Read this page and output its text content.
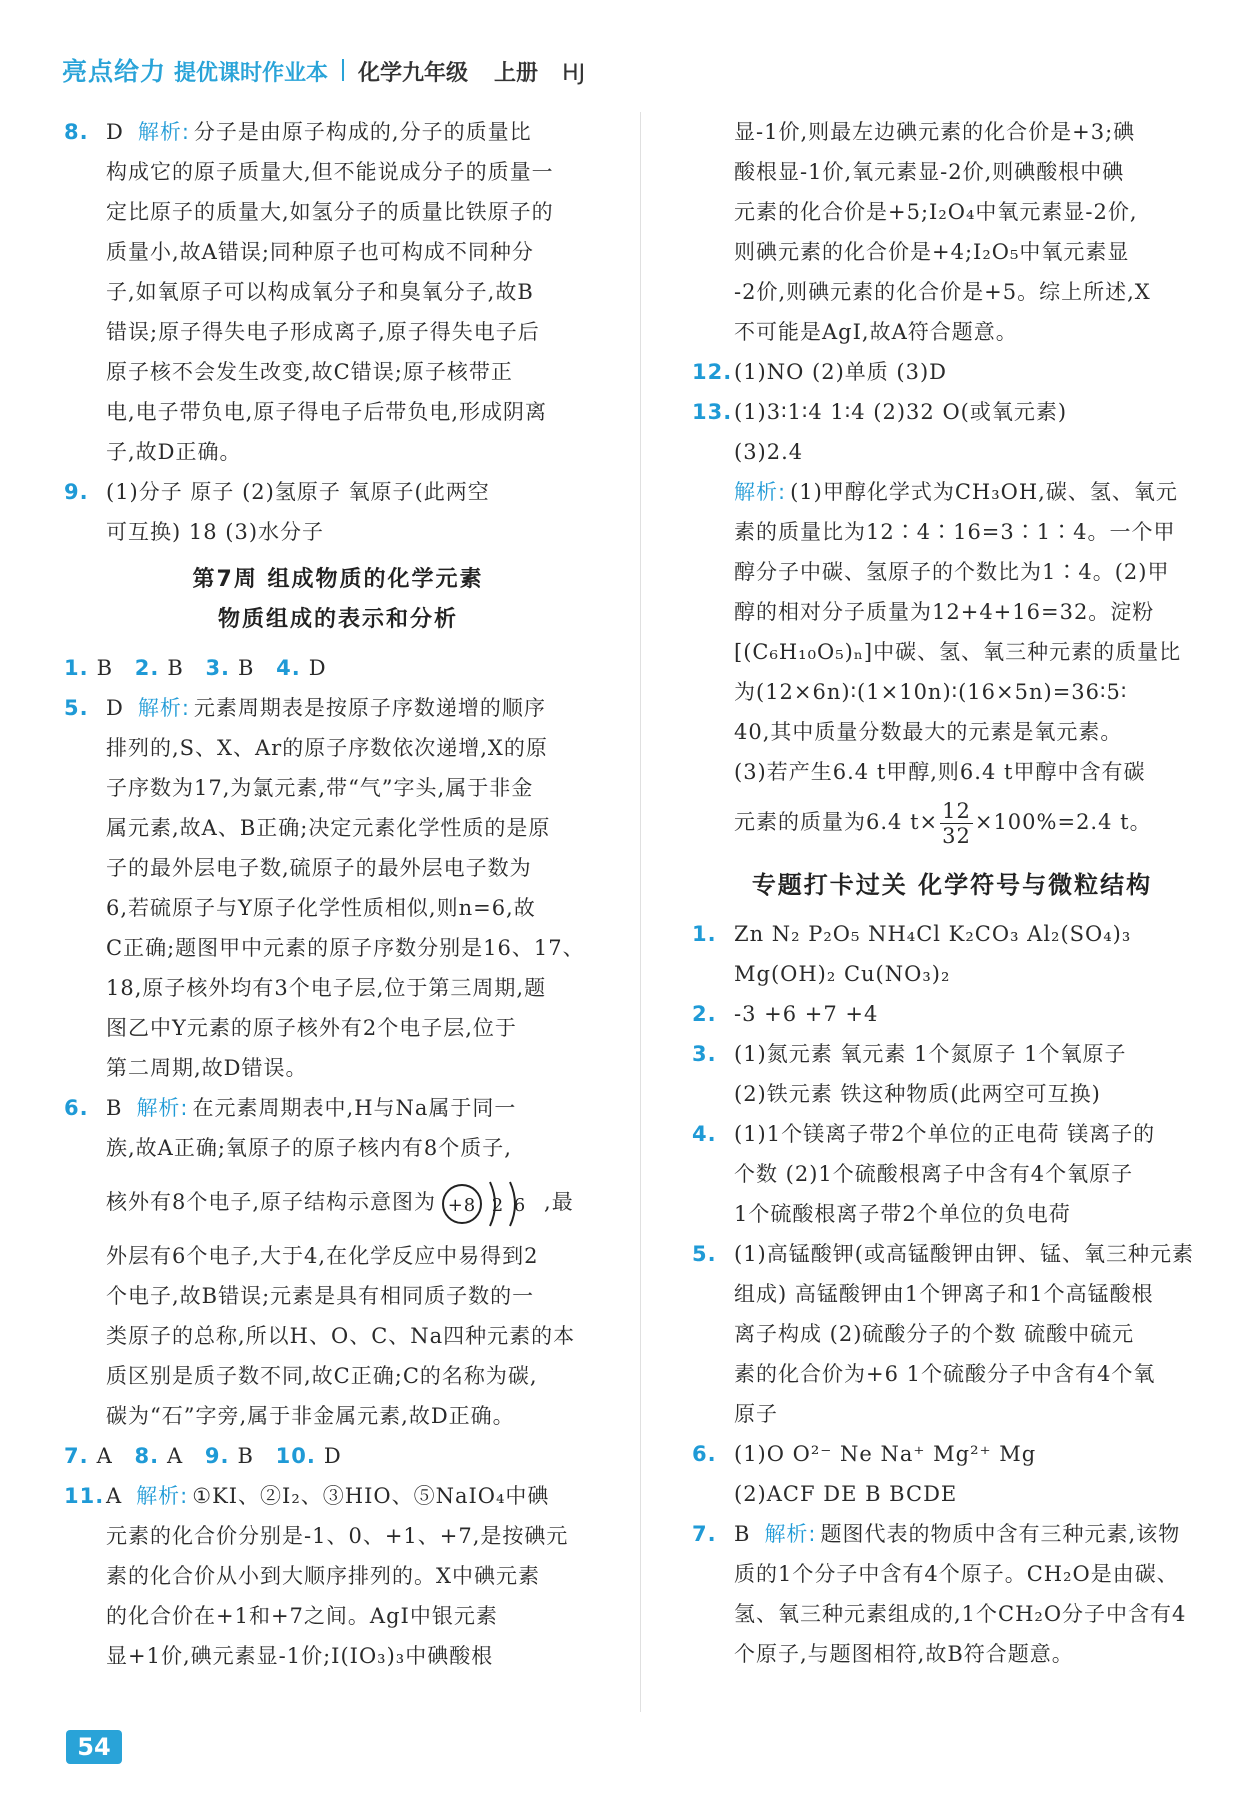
亮点给力 提优课时作业本 化学九年级 上册 HJ
8. D 解析: 分子是由原子构成的,分子的质量比
构成它的原子质量大,但不能说成分子的质量一
定比原子的质量大,如氢分子的质量比铁原子的
质量小,故A错误;同种原子也可构成不同种分
子,如氧原子可以构成氧分子和臭氧分子,故B
错误;原子得失电子形成离子,原子得失电子后
原子核不会发生改变,故C错误;原子核带正
电,电子带负电,原子得电子后带负电,形成阴离
子,故D正确。
9. (1)分子 原子 (2)氢原子 氧原子(此两空
可互换) 18 (3)水分子
第7周 组成物质的化学元素
物质组成的表示和分析
1. B 2. B 3. B 4. D
5. D 解析: 元素周期表是按原子序数递增的顺序
排列的,S、X、Ar的原子序数依次递增,X的原
子序数为17,为氯元素,带“气”字头,属于非金
属元素,故A、B正确;决定元素化学性质的是原
子的最外层电子数,硫原子的最外层电子数为
6,若硫原子与Y原子化学性质相似,则n=6,故
C正确;题图甲中元素的原子序数分别是16、17、
18,原子核外均有3个电子层,位于第三周期,题
图乙中Y元素的原子核外有2个电子层,位于
第二周期,故D错误。
6. B 解析: 在元素周期表中,H与Na属于同一
族,故A正确;氧原子的原子核内有8个质子,
核外有8个电子,原子结构示意图为 +8 2 6 ,最
外层有6个电子,大于4,在化学反应中易得到2
个电子,故B错误;元素是具有相同质子数的一
类原子的总称,所以H、O、C、Na四种元素的本
质区别是质子数不同,故C正确;C的名称为碳,
碳为“石”字旁,属于非金属元素,故D正确。
7. A 8. A 9. B 10. D
11. A 解析: ①KI、②I₂、③HIO、⑤NaIO₄中碘
元素的化合价分别是-1、0、+1、+7,是按碘元
素的化合价从小到大顺序排列的。X中碘元素
的化合价在+1和+7之间。AgI中银元素
显+1价,碘元素显-1价;I(IO₃)₃中碘酸根
显-1价,则最左边碘元素的化合价是+3;碘
酸根显-1价,氧元素显-2价,则碘酸根中碘
元素的化合价是+5;I₂O₄中氧元素显-2价,
则碘元素的化合价是+4;I₂O₅中氧元素显
-2价,则碘元素的化合价是+5。综上所述,X
不可能是AgI,故A符合题意。
12. (1)NO (2)单质 (3)D
13. (1)3∶1∶4 1∶4 (2)32 O(或氧元素)
(3)2.4
解析: (1)甲醇化学式为CH₃OH,碳、氢、氧元
素的质量比为12∶4∶16=3∶1∶4。一个甲
醇分子中碳、氢原子的个数比为1∶4。(2)甲
醇的相对分子质量为12+4+16=32。淀粉
[(C₆H₁₀O₅)ₙ]中碳、氢、氧三种元素的质量比
为(12×6n)∶(1×10n)∶(16×5n)=36∶5∶
40,其中质量分数最大的元素是氧元素。
(3)若产生6.4 t甲醇,则6.4 t甲醇中含有碳
元素的质量为6.4 $t\times \frac{12}{32} \times 100\%=2.4$ t。
专题打卡过关 化学符号与微粒结构
1. Zn N₂ P₂O₅ NH₄Cl K₂CO₃ Al₂(SO₄)₃
Mg(OH)₂ Cu(NO₃)₂
2. -3 +6 +7 +4
3. (1)氮元素 氧元素 1个氮原子 1个氧原子
(2)铁元素 铁这种物质(此两空可互换)
4. (1)1个镁离子带2个单位的正电荷 镁离子的
个数 (2)1个硫酸根离子中含有4个氧原子
1个硫酸根离子带2个单位的负电荷
5. (1)高锰酸钾(或高锰酸钾由钾、锰、氧三种元素
组成) 高锰酸钾由1个钾离子和1个高锰酸根
离子构成 (2)硫酸分子的个数 硫酸中硫元
素的化合价为+6 1个硫酸分子中含有4个氧
原子
6. (1)O O²⁻ Ne Na⁺ Mg²⁺ Mg
(2)ACF DE B BCDE
7. B 解析: 题图代表的物质中含有三种元素,该物
质的1个分子中含有4个原子。CH₂O是由碳、
氢、氧三种元素组成的,1个CH₂O分子中含有4
个原子,与题图相符,故B符合题意。
54
